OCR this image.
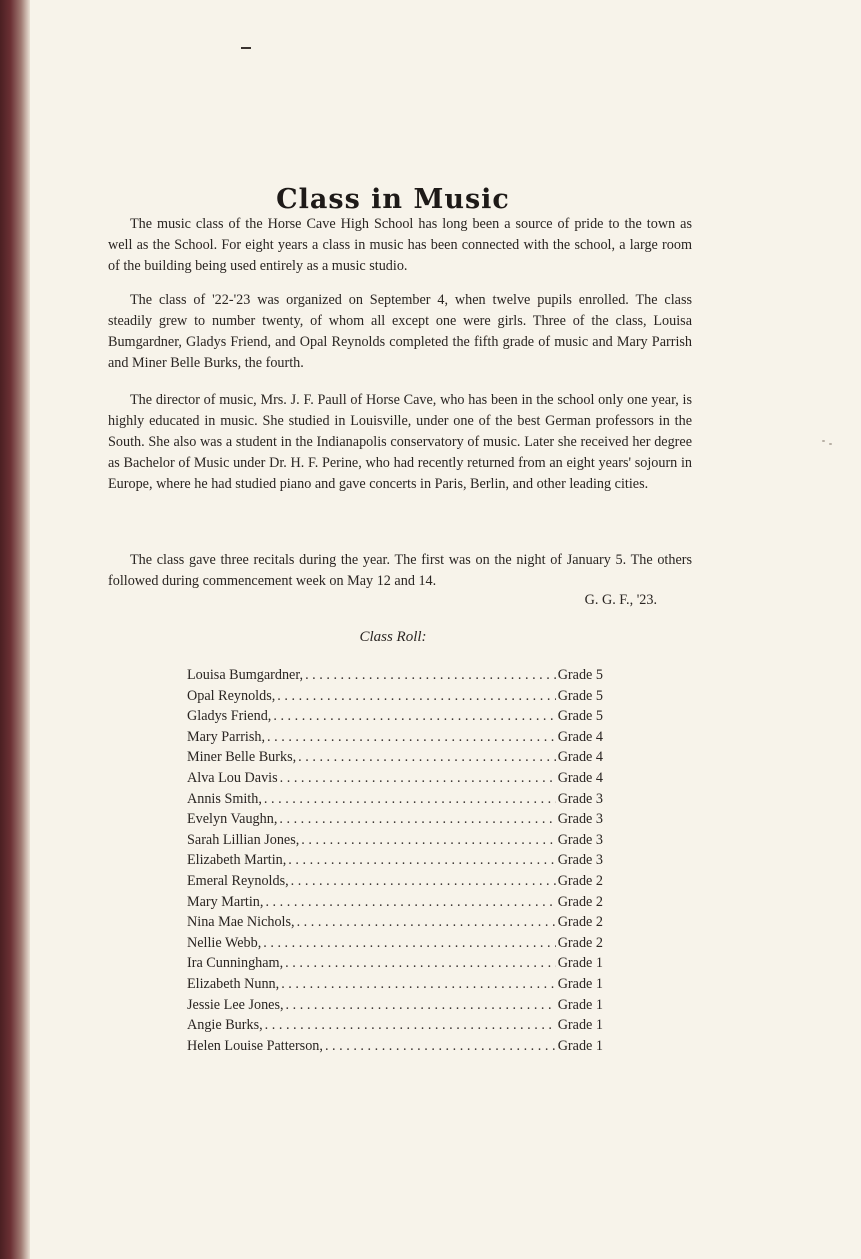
Class in Music

The music class of the Horse Cave High School has long been a source of pride to the town as well as the School. For eight years a class in music has been connected with the school, a large room of the building being used entirely as a music studio.

The class of '22-'23 was organized on September 4, when twelve pupils enrolled. The class steadily grew to number twenty, of whom all except one were girls. Three of the class, Louisa Bumgardner, Gladys Friend, and Opal Reynolds completed the fifth grade of music and Mary Parrish and Miner Belle Burks, the fourth.

The director of music, Mrs. J. F. Paull of Horse Cave, who has been in the school only one year, is highly educated in music. She studied in Louisville, under one of the best German professors in the South. She also was a student in the Indianapolis conservatory of music. Later she received her degree as Bachelor of Music under Dr. H. F. Perine, who had recently returned from an eight years' sojourn in Europe, where he had studied piano and gave concerts in Paris, Berlin, and other leading cities.

The class gave three recitals during the year. The first was on the night of January 5. The others followed during commencement week on May 12 and 14.

G. G. F., '23.
Class Roll:
Louisa Bumgardner, . . .	Grade 5
Opal Reynolds, . . .	Grade 5
Gladys Friend, . . .	Grade 5
Mary Parrish, . . .	Grade 4
Miner Belle Burks, . . .	Grade 4
Alva Lou Davis . . .	Grade 4
Annis Smith, . . .	Grade 3
Evelyn Vaughn, . . .	Grade 3
Sarah Lillian Jones, . . .	Grade 3
Elizabeth Martin, . . .	Grade 3
Emeral Reynolds, . . .	Grade 2
Mary Martin, . . .	Grade 2
Nina Mae Nichols, . . .	Grade 2
Nellie Webb, . . .	Grade 2
Ira Cunningham, . . .	Grade 1
Elizabeth Nunn, . . .	Grade 1
Jessie Lee Jones, . . .	Grade 1
Angie Burks, . . .	Grade 1
Helen Louise Patterson, . . .	Grade 1
